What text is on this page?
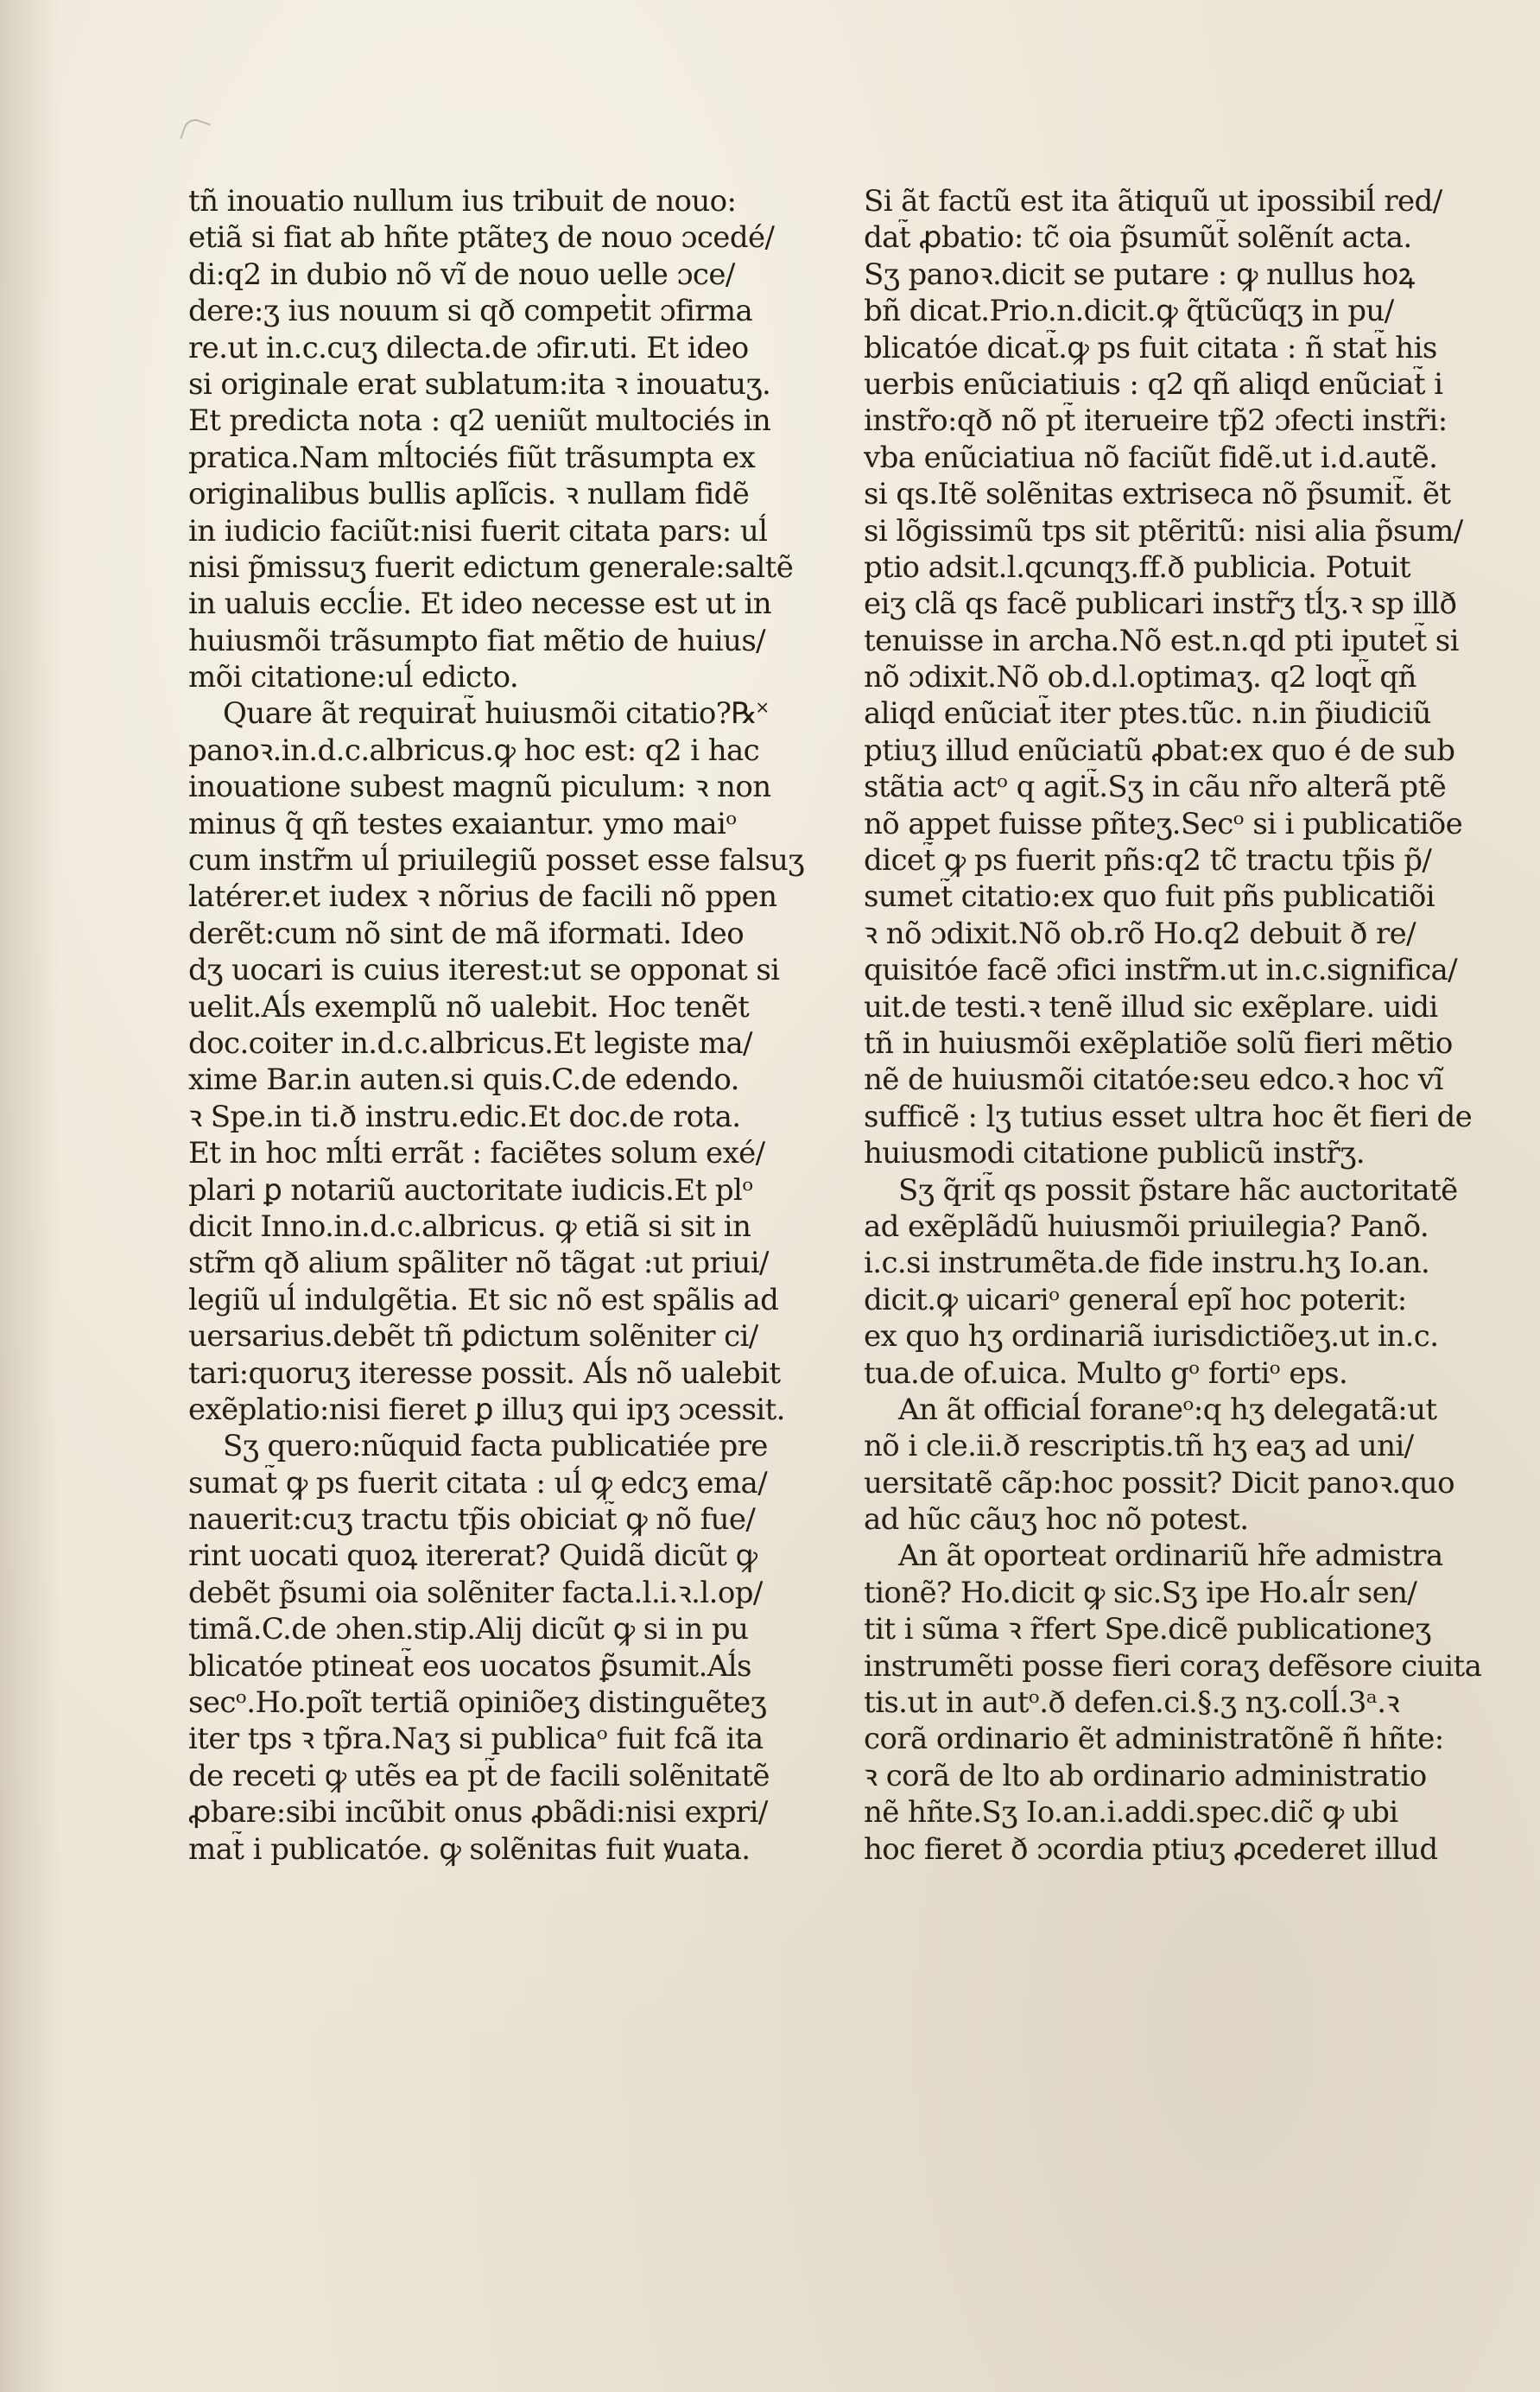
tñ inouatio nullum ius tribuit de nouo:
etiã si fiat ab hñte ptãteʒ de nouo ɔcedé/
di:q2 in dubio nõ vĩ de nouo uelle ɔce/
dere:ʒ ius nouum si qð compeṫit ɔfirma
re.ut in.c.cuʒ dilecta.de ɔfir.uti. Et ideo
si originale erat sublatum:ita ꝛ inouatuʒ.
Et predicta nota : q2 ueniũt multociés in
pratica.Nam mĺtociés fiũt trãsumpta ex
originalibus bullis aplĩcis. ꝛ nullam fidẽ
in iudicio faciũt:nisi fuerit citata pars: uĺ
nisi p̃missuʒ fuerit edictum generale:saltẽ
in ualuis eccĺie. Et ideo necesse est ut in
huiusmõi trãsumpto fiat mẽtio de huius/
mõi citatione:uĺ edicto.
Quare ãt requirat̃ huiusmõi citatio?℞˟
panoꝛ.in.d.c.albricus.ꝙ hoc est: q2 i hac
inouatione subest magnũ piculum: ꝛ non
minus q̃ qñ testes exaiantur. ymo maiᵒ
cum instr̃m uĺ priuilegiũ posset esse falsuʒ
latérer.et iudex ꝛ nõrius de facili nõ ppen
derẽt:cum nõ sint de mã iformati. Ideo
dʒ uocari is cuius iterest:ut se opponat si
uelit.Aĺs exemplũ nõ ualebit. Hoc tenẽt
doc.coiter in.d.c.albricus.Et legiste ma/
xime Bar.in auten.si quis.C.de edendo.
ꝛ Spe.in ti.ð instru.edic.Et doc.de rota.
Et in hoc mĺti errãt : faciẽtes solum exé/
plari ꝑ notariũ auctoritate iudicis.Et plᵒ
dicit Inno.in.d.c.albricus. ꝙ etiã si sit in
str̃m qð alium spãliter nõ tãgat :ut priui/
legiũ uĺ indulgẽtia. Et sic nõ est spãlis ad
uersarius.debẽt tñ ꝑdictum solẽniter ci/
tari:quoruʒ iteresse possit. Aĺs nõ ualebit
exẽplatio:nisi fieret ꝑ illuʒ qui ipʒ ɔcessit.
Sʒ quero:nũquid facta publicatiée pre
sumat̃ ꝙ ps fuerit citata : uĺ ꝙ edcʒ ema/
nauerit:cuʒ tractu tp̃is obiciat̃ ꝙ nõ fue/
rint uocati quoꝝ itererat? Quidã dicũt ꝙ
debẽt p̃sumi oia solẽniter facta.l.i.ꝛ.l.op/
timã.C.de ɔhen.stip.Alij dicũt ꝙ si in pu
blicatóe ptineat̃ eos uocatos ꝑ̃sumit.Aĺs
secᵒ.Ho.poĩt tertiã opiniõeʒ distinguẽteʒ
iter tps ꝛ tp̃ra.Naʒ si publicaᵒ fuit fcã ita
de receti ꝙ utẽs ea pt̃ de facili solẽnitatẽ
ꝓbare:sibi incũbit onus ꝓbãdi:nisi expri/
mat̃ i publicatóe. ꝙ solẽnitas fuit ꝟuata.
Si ãt factũ est ita ãtiquũ ut ipossibiĺ red/
dat̃ ꝓbatio: tc̃ oia p̃sumũt̃ solẽnít acta.
Sʒ panoꝛ.dicit se putare : ꝙ nullus hoꝝ
bñ dicat.Prio.n.dicit.ꝙ q̃tũcũqʒ in pu/
blicatóe dicat̃.ꝙ ps fuit citata : ñ stat̃ his
uerbis enũciatiuis : q2 qñ aliqd enũciat̃ i
instr̃o:qð nõ pt̃ iterueire tp̃2 ɔfecti instr̃i:
vba enũciatiua nõ faciũt fidẽ.ut i.d.autẽ.
si qs.Itẽ solẽnitas extriseca nõ p̃sumit̃. ẽt
si lõgissimũ tps sit ptẽritũ: nisi alia p̃sum/
ptio adsit.l.qcunqʒ.ff.ð publicia. Potuit
eiʒ clã qs facẽ publicari instr̃ʒ tĺʒ.ꝛ sp illð
tenuisse in archa.Nõ est.n.qd pti iputet̃ si
nõ ɔdixit.Nõ ob.d.l.optimaʒ. q2 loqt̃ qñ
aliqd enũciat̃ iter ptes.tũc. n.in p̃iudiciũ
ptiuʒ illud enũciatũ ꝓbat:ex quo é de sub
stãtia actᵒ q agit̃.Sʒ in cãu nr̃o alterã ptẽ
nõ appet fuisse pñteʒ.Secᵒ si i publicatiõe
dicet̃ ꝙ ps fuerit pñs:q2 tc̃ tractu tp̃is p̃/
sumet̃ citatio:ex quo fuit pñs publicatiõi
ꝛ nõ ɔdixit.Nõ ob.rõ Ho.q2 debuit ð re/
quisitóe facẽ ɔfici instr̃m.ut in.c.significa/
uit.de testi.ꝛ tenẽ illud sic exẽplare. uidi
tñ in huiusmõi exẽplatiõe solũ fieri mẽtio
nẽ de huiusmõi citatóe:seu edco.ꝛ hoc vĩ
sufficẽ : lʒ tutius esset ultra hoc ẽt fieri de
huiusmodi citatione publicũ instr̃ʒ.
Sʒ q̃rit̃ qs possit p̃stare hãc auctoritatẽ
ad exẽplãdũ huiusmõi priuilegia? Panõ.
i.c.si instrumẽta.de fide instru.hʒ Io.an.
dicit.ꝙ uicariᵒ generaĺ epĩ hoc poterit:
ex quo hʒ ordinariã iurisdictiõeʒ.ut in.c.
tua.de of.uica. Multo gᵒ fortiᵒ eps.
An ãt officiaĺ foraneᵒ:q hʒ delegatã:ut
nõ i cle.ii.ð rescriptis.tñ hʒ eaʒ ad uni/
uersitatẽ cãp:hoc possit? Dicit panoꝛ.quo
ad hũc cãuʒ hoc nõ potest.
An ãt oporteat ordinariũ hr̃e admistra
tionẽ? Ho.dicit ꝙ sic.Sʒ ipe Ho.aĺr sen/
tit i sũma ꝛ r̃fert Spe.dicẽ publicationeʒ
instrumẽti posse fieri coraʒ defẽsore ciuita
tis.ut in autᵒ.ð defen.ci.§.ʒ nʒ.colĺ.3ᵃ.ꝛ
corã ordinario ẽt administratõnẽ ñ hñte:
ꝛ corã de lto ab ordinario administratio
nẽ hñte.Sʒ Io.an.i.addi.spec.dic̃ ꝙ ubi
hoc fieret ð ɔcordia ptiuʒ ꝓcederet illud
